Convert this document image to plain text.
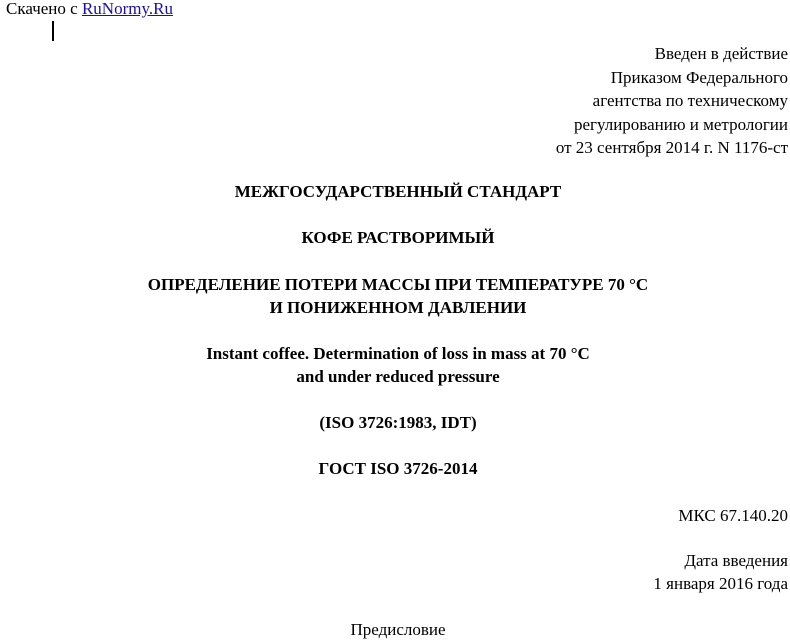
Скачено с RuNormy.Ru
Введен в действие
Приказом Федерального
агентства по техническому
регулированию и метрологии
от 23 сентября 2014 г. N 1176-ст
МЕЖГОСУДАРСТВЕННЫЙ СТАНДАРТ
КОФЕ РАСТВОРИМЫЙ
ОПРЕДЕЛЕНИЕ ПОТЕРИ МАССЫ ПРИ ТЕМПЕРАТУРЕ 70 °С
И ПОНИЖЕННОМ ДАВЛЕНИИ
Instant coffee. Determination of loss in mass at 70 °C
and under reduced pressure
(ISO 3726:1983, IDT)
ГОСТ ISO 3726-2014
МКС 67.140.20
Дата введения
1 января 2016 года
Предисловие
